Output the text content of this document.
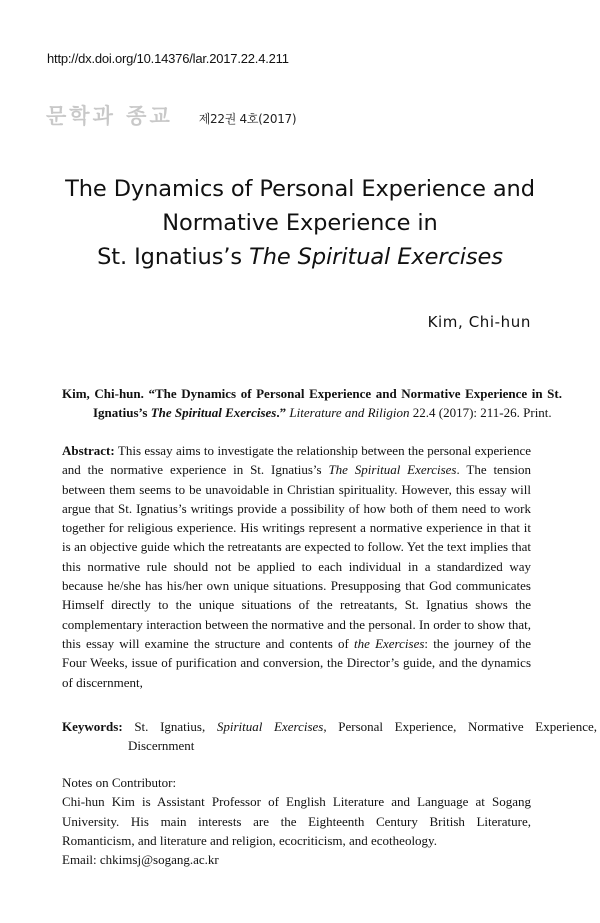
http://dx.doi.org/10.14376/lar.2017.22.4.211
문학과 종교 제22권 4호(2017)
The Dynamics of Personal Experience and
Normative Experience in
St. Ignatius’s The Spiritual Exercises
Kim, Chi-hun
Kim, Chi-hun. “The Dynamics of Personal Experience and Normative Experience in St. Ignatius’s The Spiritual Exercises.” Literature and Riligion 22.4 (2017): 211-26. Print.
Abstract: This essay aims to investigate the relationship between the personal experience and the normative experience in St. Ignatius’s The Spiritual Exercises. The tension between them seems to be unavoidable in Christian spirituality. However, this essay will argue that St. Ignatius’s writings provide a possibility of how both of them need to work together for religious experience. His writings represent a normative experience in that it is an objective guide which the retreatants are expected to follow. Yet the text implies that this normative rule should not be applied to each individual in a standardized way because he/she has his/her own unique situations. Presupposing that God communicates Himself directly to the unique situations of the retreatants, St. Ignatius shows the complementary interaction between the normative and the personal. In order to show that, this essay will examine the structure and contents of the Exercises: the journey of the Four Weeks, issue of purification and conversion, the Director’s guide, and the dynamics of discernment,
Keywords: St. Ignatius, Spiritual Exercises, Personal Experience, Normative Experience, Discernment
Notes on Contributor:
Chi-hun Kim is Assistant Professor of English Literature and Language at Sogang University. His main interests are the Eighteenth Century British Literature, Romanticism, and literature and religion, ecocriticism, and ecotheology.
Email: chkimsj@sogang.ac.kr
